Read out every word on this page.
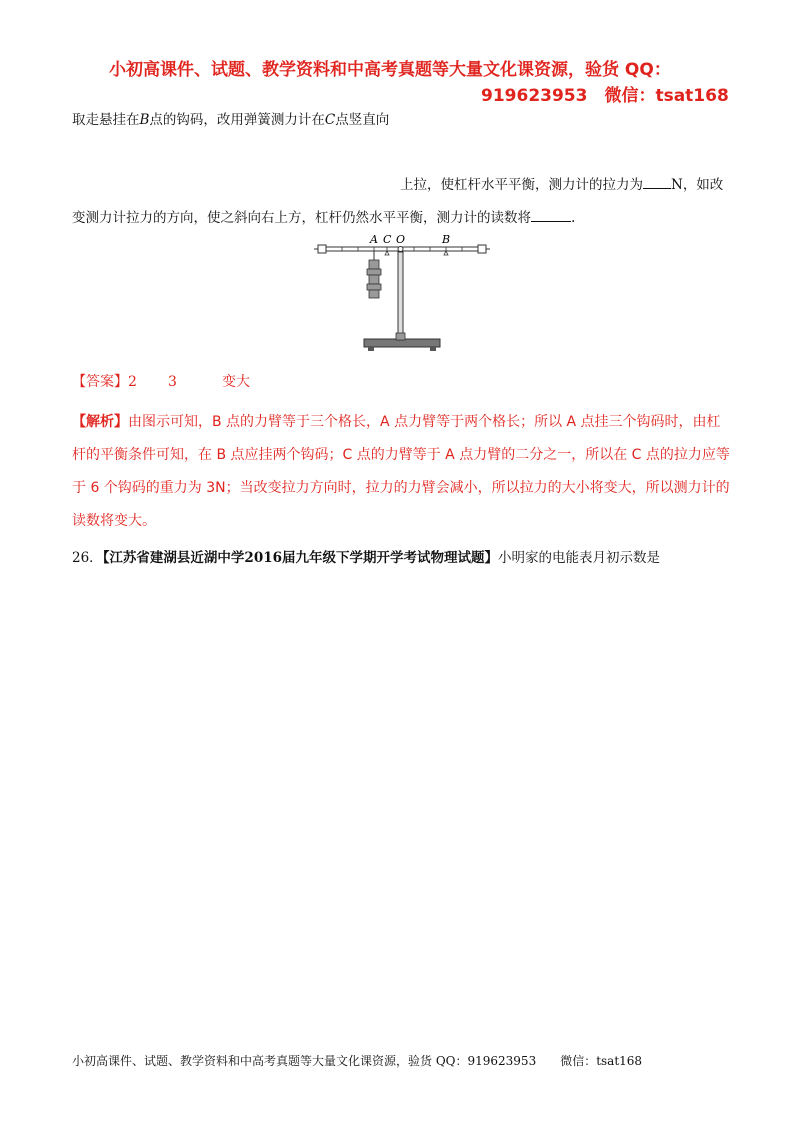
小初高课件、试题、教学资料和中高考真题等大量文化课资源，验货 QQ：
919623953　微信：tsat168
取走悬挂在B点的钩码，改用弹簧测力计在C点竖直向
上拉，使杠杆水平平衡，测力计的拉力为 N，如改
变测力计拉力的方向，使之斜向右上方，杠杆仍然水平平衡，测力计的读数将	.
A C O	B
【答案】2 3	变大
【解析】由图示可知，B 点的力臂等于三个格长，A 点力臂等于两个格长；所以 A 点挂三个钩码时，由杠杆的平衡条件可知，在 B 点应挂两个钩码；C 点的力臂等于 A 点力臂的二分之一，所以在 C 点的拉力应等于 6 个钩码的重力为 3N；当改变拉力方向时，拉力的力臂会减小，所以拉力的大小将变大，所以测力计的读数将变大。
26．【江苏省建湖县近湖中学2016届九年级下学期开学考试物理试题】小明家的电能表月初示数是
小初高课件、试题、教学资料和中高考真题等大量文化课资源，验货 QQ：919623953　　微信：tsat168
